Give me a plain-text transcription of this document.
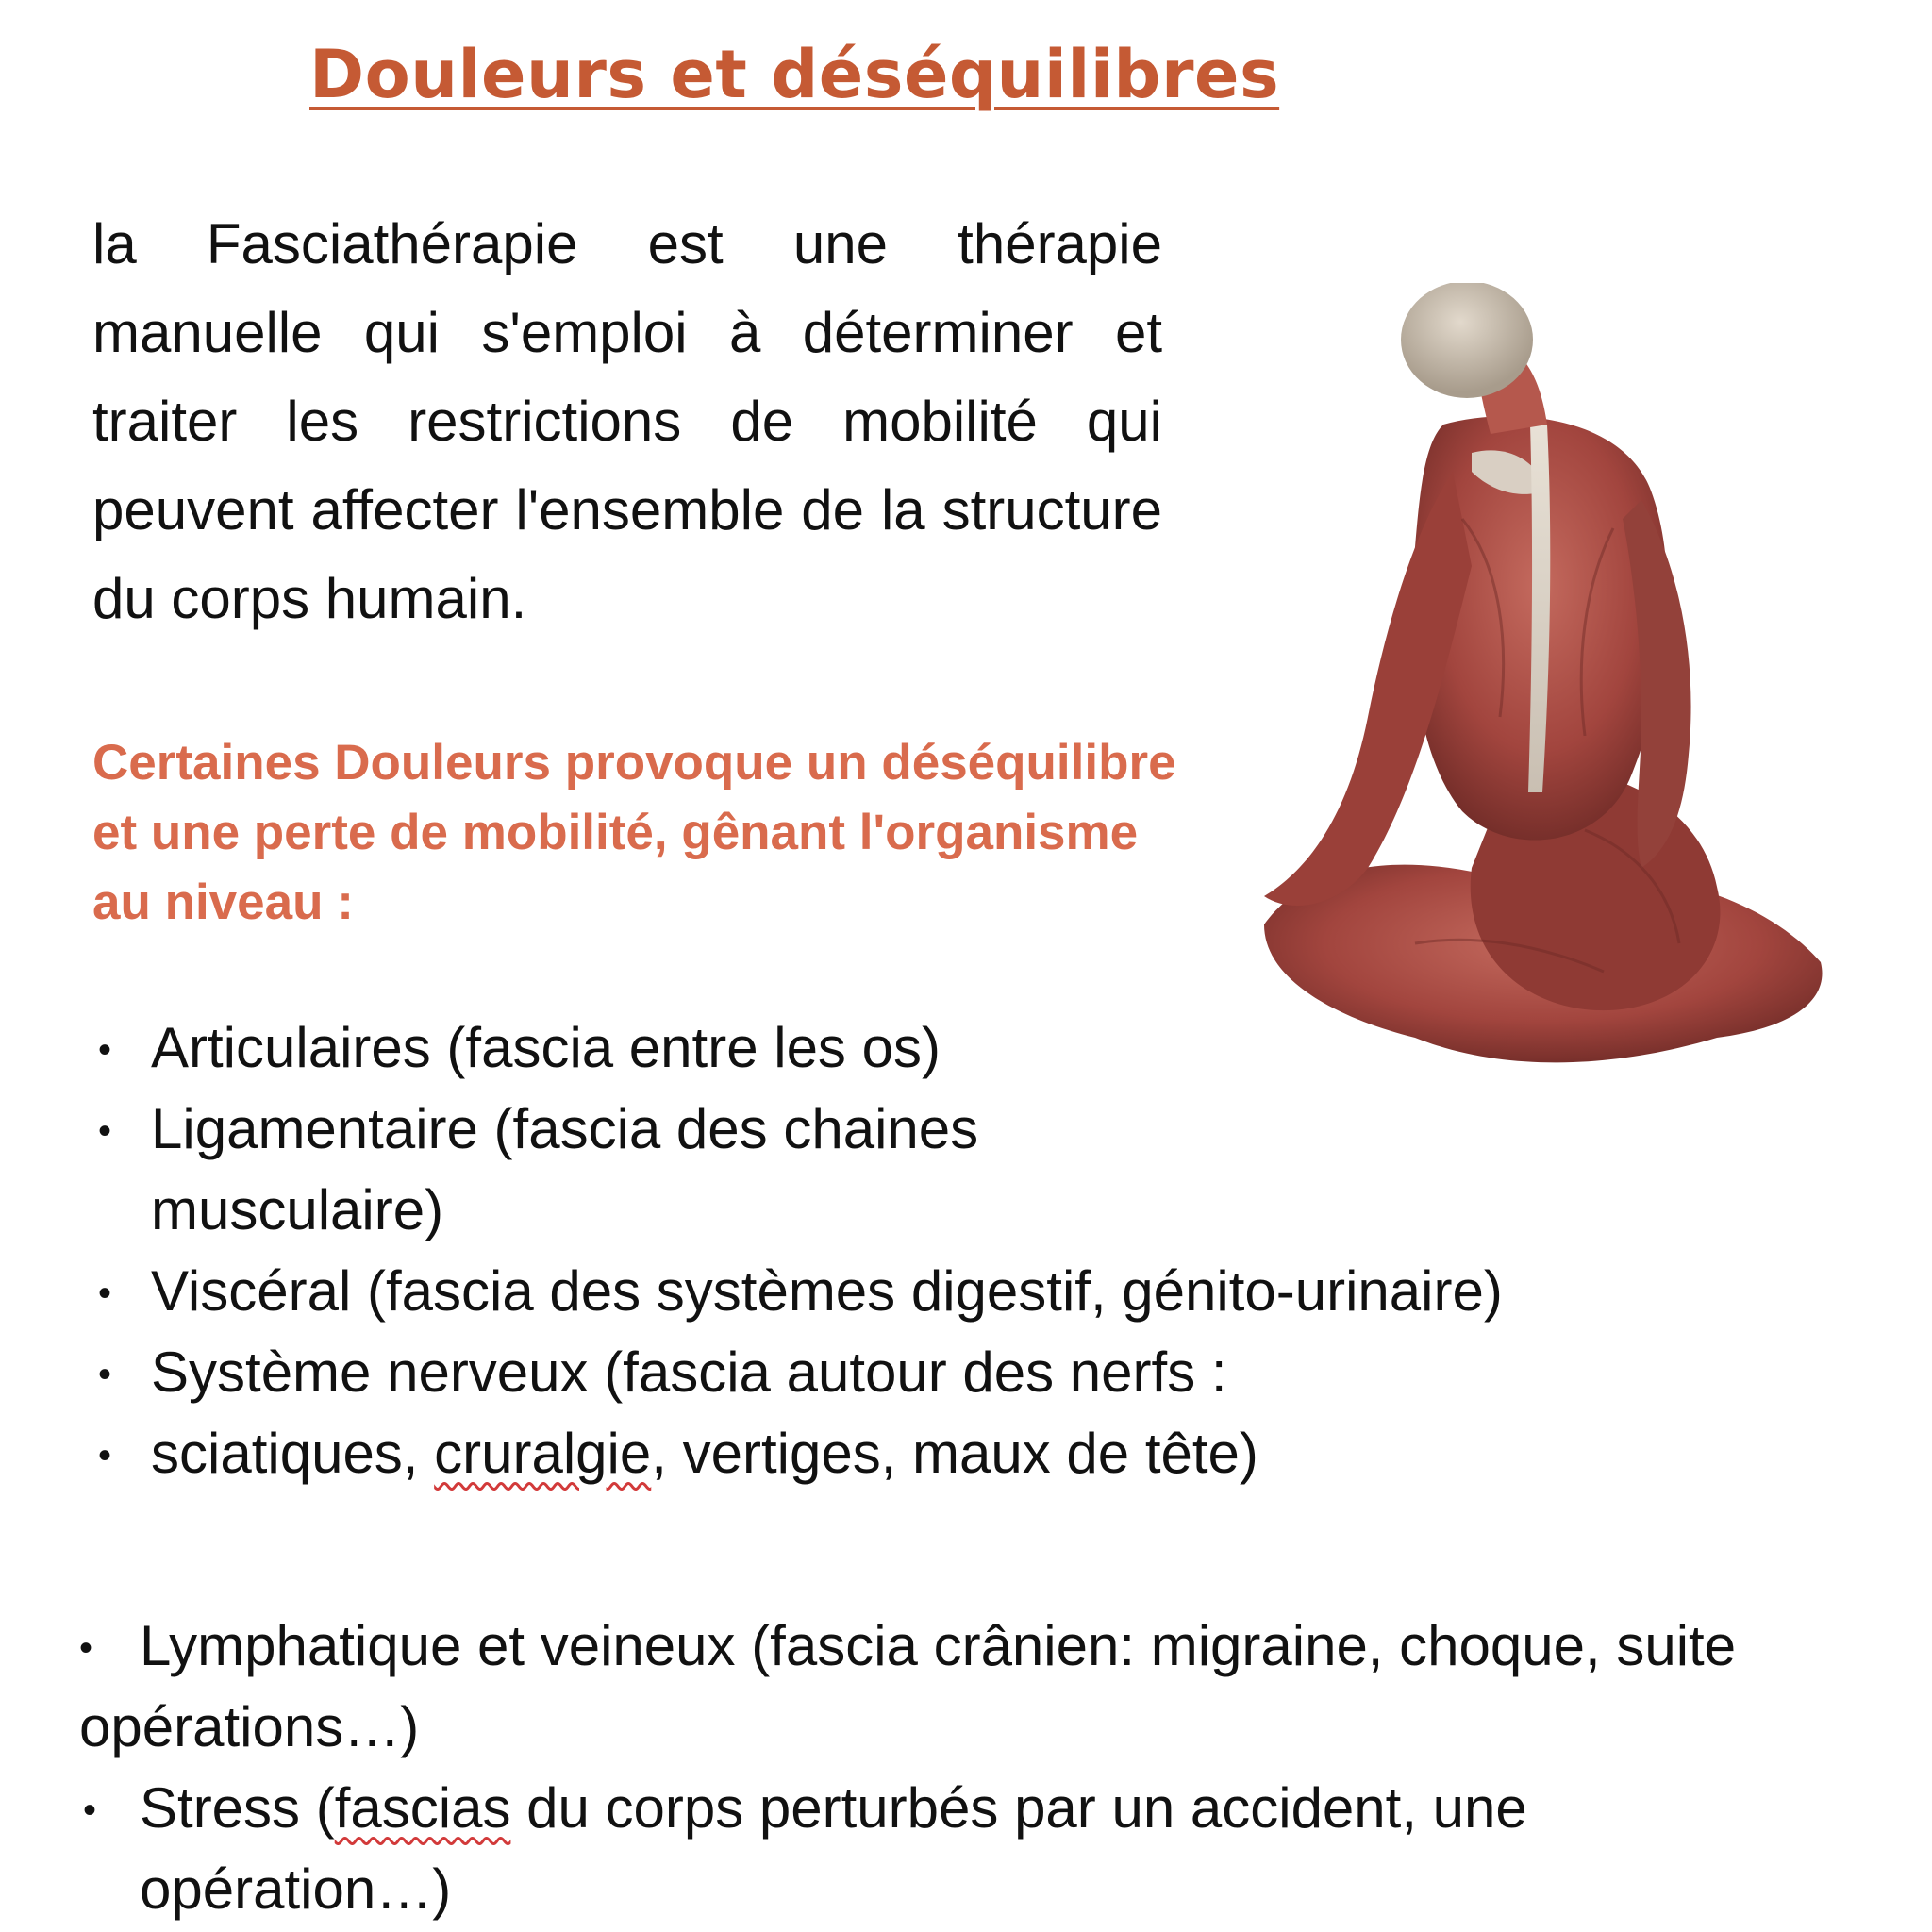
Douleurs et déséquilibres
la Fasciathérapie est une thérapie manuelle qui s'emploi à déterminer et traiter les restrictions de mobilité qui peuvent affecter l'ensemble de la structure du corps humain.
Certaines Douleurs provoque un déséquilibre et une perte de mobilité, gênant l'organisme au niveau :
• Articulaires (fascia entre les os)
• Ligamentaire (fascia des chaines musculaire)
• Viscéral (fascia des systèmes digestif, génito-urinaire)
• Système nerveux (fascia autour des nerfs :
• sciatiques, cruralgie, vertiges, maux de tête)
• Lymphatique et veineux (fascia crânien: migraine, choque, suite opérations…)
• Stress (fascias du corps perturbés par un accident, une opération…)
